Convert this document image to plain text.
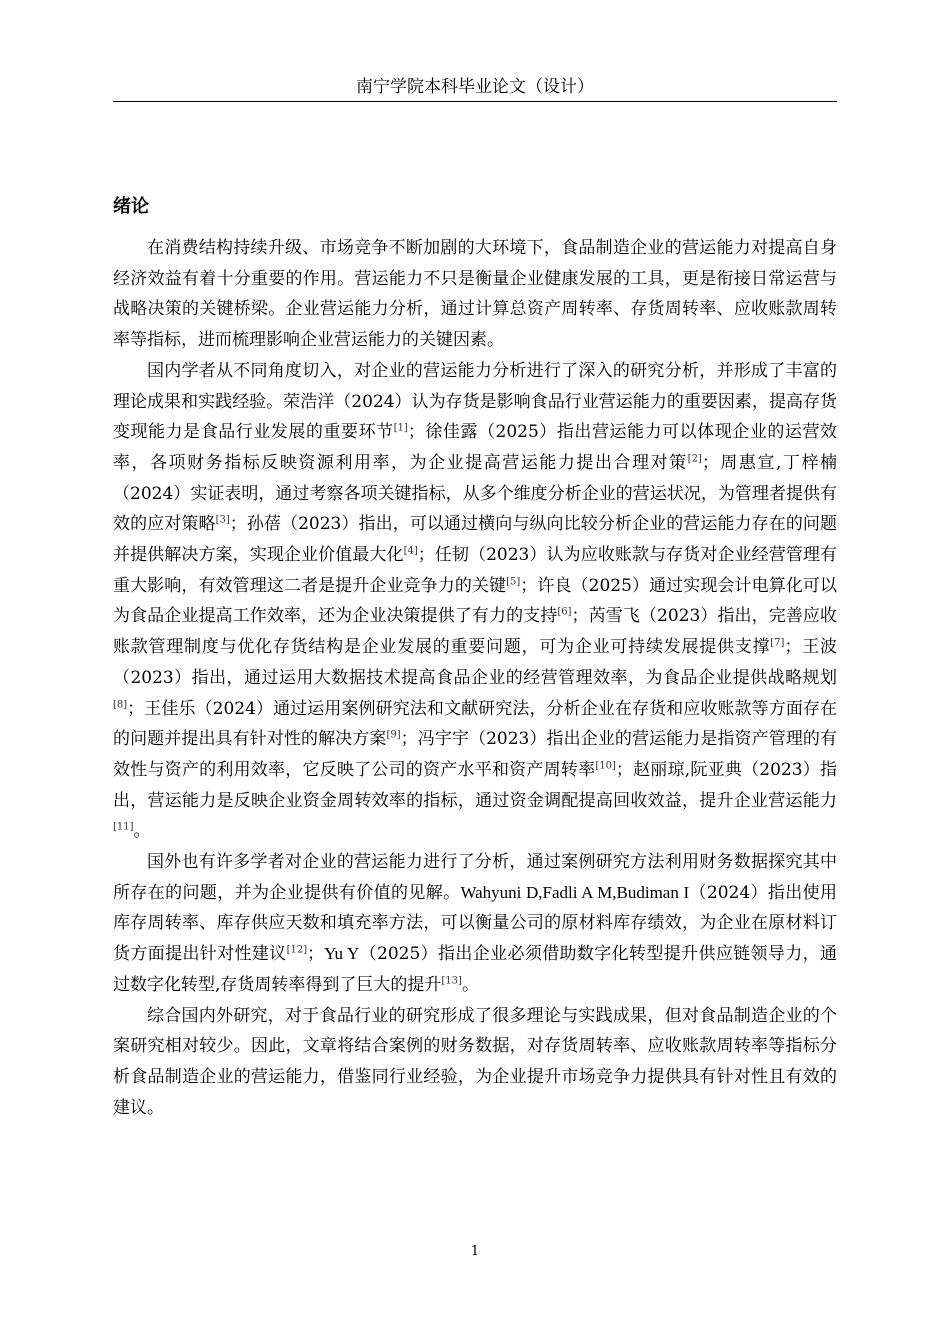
南宁学院本科毕业论文（设计）
绪论

在消费结构持续升级、市场竞争不断加剧的大环境下，食品制造企业的营运能力对提高自身经济效益有着十分重要的作用。营运能力不只是衡量企业健康发展的工具，更是衔接日常运营与战略决策的关键桥梁。企业营运能力分析，通过计算总资产周转率、存货周转率、应收账款周转率等指标，进而梳理影响企业营运能力的关键因素。

国内学者从不同角度切入，对企业的营运能力分析进行了深入的研究分析，并形成了丰富的理论成果和实践经验。荣浩洋（2024）认为存货是影响食品行业营运能力的重要因素，提高存货变现能力是食品行业发展的重要环节[1]；徐佳露（2025）指出营运能力可以体现企业的运营效率，各项财务指标反映资源利用率，为企业提高营运能力提出合理对策[2]；周惠宣,丁梓楠（2024）实证表明，通过考察各项关键指标，从多个维度分析企业的营运状况，为管理者提供有效的应对策略[3]；孙蓓（2023）指出，可以通过横向与纵向比较分析企业的营运能力存在的问题并提供解决方案，实现企业价值最大化[4]；任韧（2023）认为应收账款与存货对企业经营管理有重大影响，有效管理这二者是提升企业竞争力的关键[5]；许良（2025）通过实现会计电算化可以为食品企业提高工作效率，还为企业决策提供了有力的支持[6]；芮雪飞（2023）指出，完善应收账款管理制度与优化存货结构是企业发展的重要问题，可为企业可持续发展提供支撑[7]；王波（2023）指出，通过运用大数据技术提高食品企业的经营管理效率，为食品企业提供战略规划[8]；王佳乐（2024）通过运用案例研究法和文献研究法，分析企业在存货和应收账款等方面存在的问题并提出具有针对性的解决方案[9]；冯宇宇（2023）指出企业的营运能力是指资产管理的有效性与资产的利用效率，它反映了公司的资产水平和资产周转率[10]；赵丽琼,阮亚典（2023）指出，营运能力是反映企业资金周转效率的指标，通过资金调配提高回收效益，提升企业营运能力[11]。

国外也有许多学者对企业的营运能力进行了分析，通过案例研究方法利用财务数据探究其中所存在的问题，并为企业提供有价值的见解。Wahyuni D,Fadli A M,Budiman I（2024）指出使用库存周转率、库存供应天数和填充率方法，可以衡量公司的原材料库存绩效，为企业在原材料订货方面提出针对性建议[12]；Yu Y（2025）指出企业必须借助数字化转型提升供应链领导力，通过数字化转型,存货周转率得到了巨大的提升[13]。

综合国内外研究，对于食品行业的研究形成了很多理论与实践成果，但对食品制造企业的个案研究相对较少。因此，文章将结合案例的财务数据，对存货周转率、应收账款周转率等指标分析食品制造企业的营运能力，借鉴同行业经验，为企业提升市场竞争力提供具有针对性且有效的建议。

1
